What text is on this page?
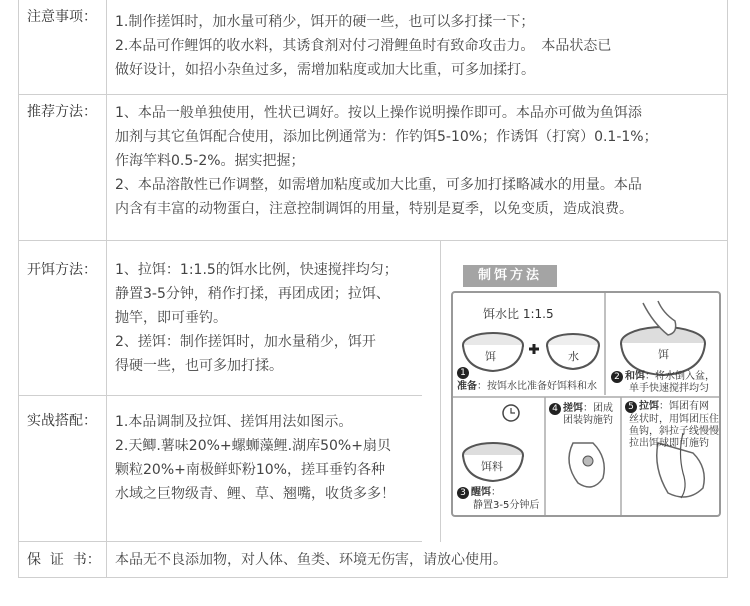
注意事项：	1.制作搓饵时，加水量可稍少，饵开的硬一些，也可以多打揉一下；
2.本品可作鲤饵的收水料，其诱食剂对付刁滑鲤鱼时有致命攻击力。　本品状态已
做好设计，如招小杂鱼过多，需增加粘度或加大比重，可多加揉打。
推荐方法：	1、本品一般单独使用，性状已调好。按以上操作说明操作即可。本品亦可做为鱼饵添
加剂与其它鱼饵配合使用，添加比例通常为：作钓饵5-10%；作诱饵（打窝）0.1-1%；
作海竿料0.5-2%。据实把握；
2、本品溶散性已作调整，如需增加粘度或加大比重，可多加打揉略减水的用量。本品
内含有丰富的动物蛋白，注意控制调饵的用量，特别是夏季，以免变质，造成浪费。
开饵方法：	1、拉饵：1:1.5的饵水比例，快速搅拌均匀；
静置3-5分钟，稍作打揉，再团成团；拉饵、
抛竿，即可垂钓。
2、搓饵：制作搓饵时，加水量稍少，饵开
得硬一些，也可多加打揉。
实战搭配：	1.本品调制及拉饵、搓饵用法如图示。
2.天鲫.薯味20%+螺蛳藻鲤.湖库50%+扇贝
颗粒20%+南极鲜虾粉10%，搓耳垂钓各种
水域之巨物级青、鲤、草、翘嘴，收货多多！
制饵方法
饵水比 1:1.5
饵	水	饵
饵料
1
准备：按饵水比准备好饵料和水
2 和饵：将水倒入盆，
单手快速搅拌均匀
3 醒饵：
静置3-5分钟后
4 搓饵：团成
团装钩施钓
5 拉饵：饵团有网
丝状时，用饵团压住
鱼钩，斜拉子线慢慢
拉出饵球即可施钓
保  证  书：	本品无不良添加物，对人体、鱼类、环境无伤害，请放心使用。
